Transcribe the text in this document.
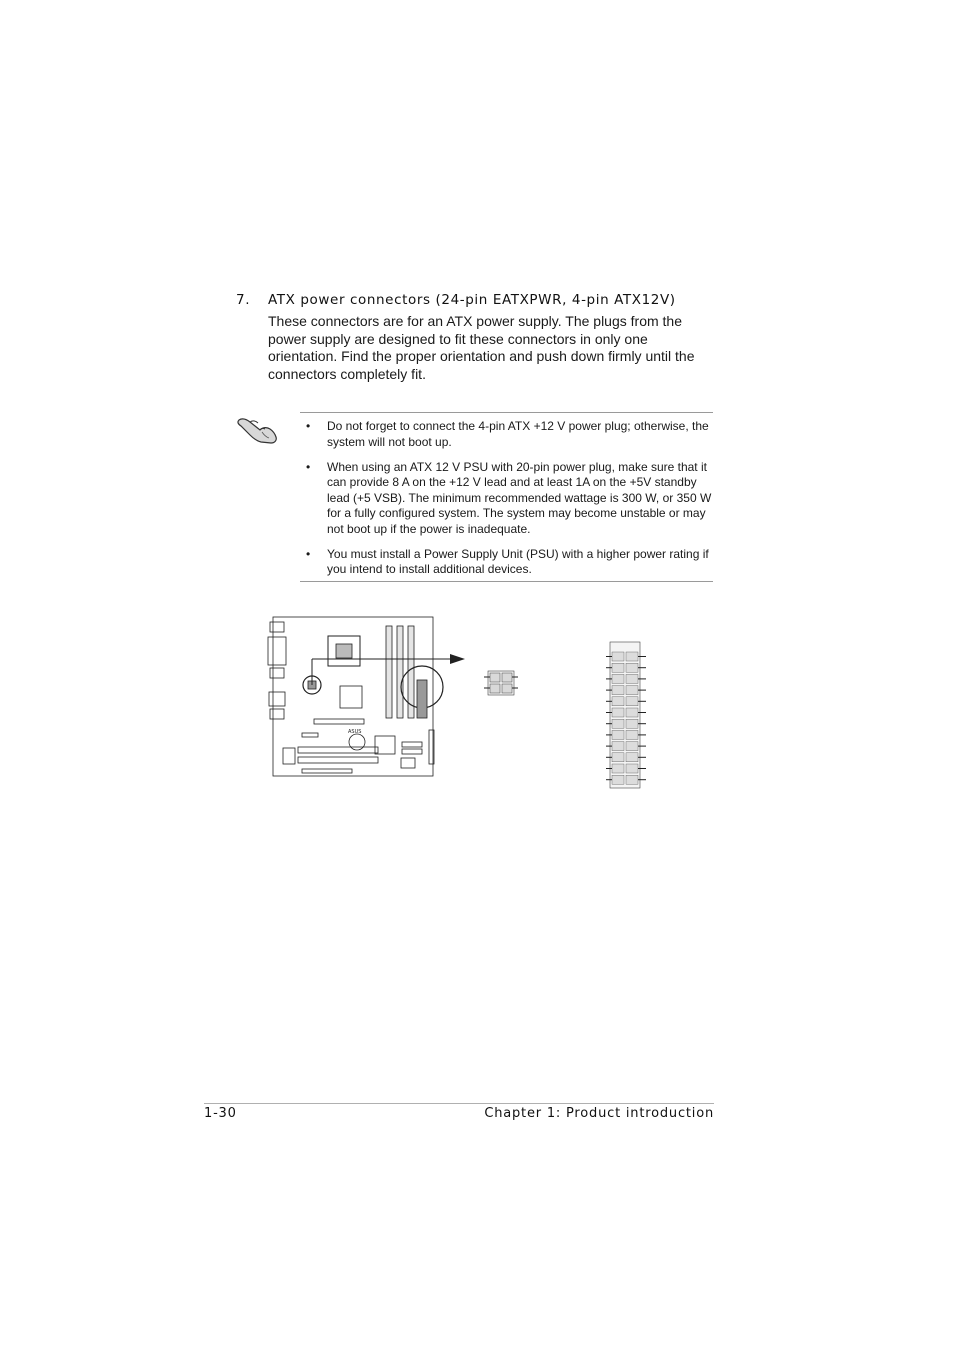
7. ATX power connectors (24-pin EATXPWR, 4-pin ATX12V)
These connectors are for an ATX power supply. The plugs from the power supply are designed to fit these connectors in only one orientation. Find the proper orientation and push down firmly until the connectors completely fit.
• Do not forget to connect the 4-pin ATX +12 V power plug; otherwise, the system will not boot up.
• When using an ATX 12 V PSU with 20-pin power plug, make sure that it can provide 8 A on the +12 V lead and at least 1A on the +5V standby lead (+5 VSB). The minimum recommended wattage is 300 W, or 350 W for a fully configured system. The system may become unstable or may not boot up if the power is inadequate.
• You must install a Power Supply Unit (PSU) with a higher power rating if you intend to install additional devices.
ASUS
1-30	Chapter 1: Product introduction
